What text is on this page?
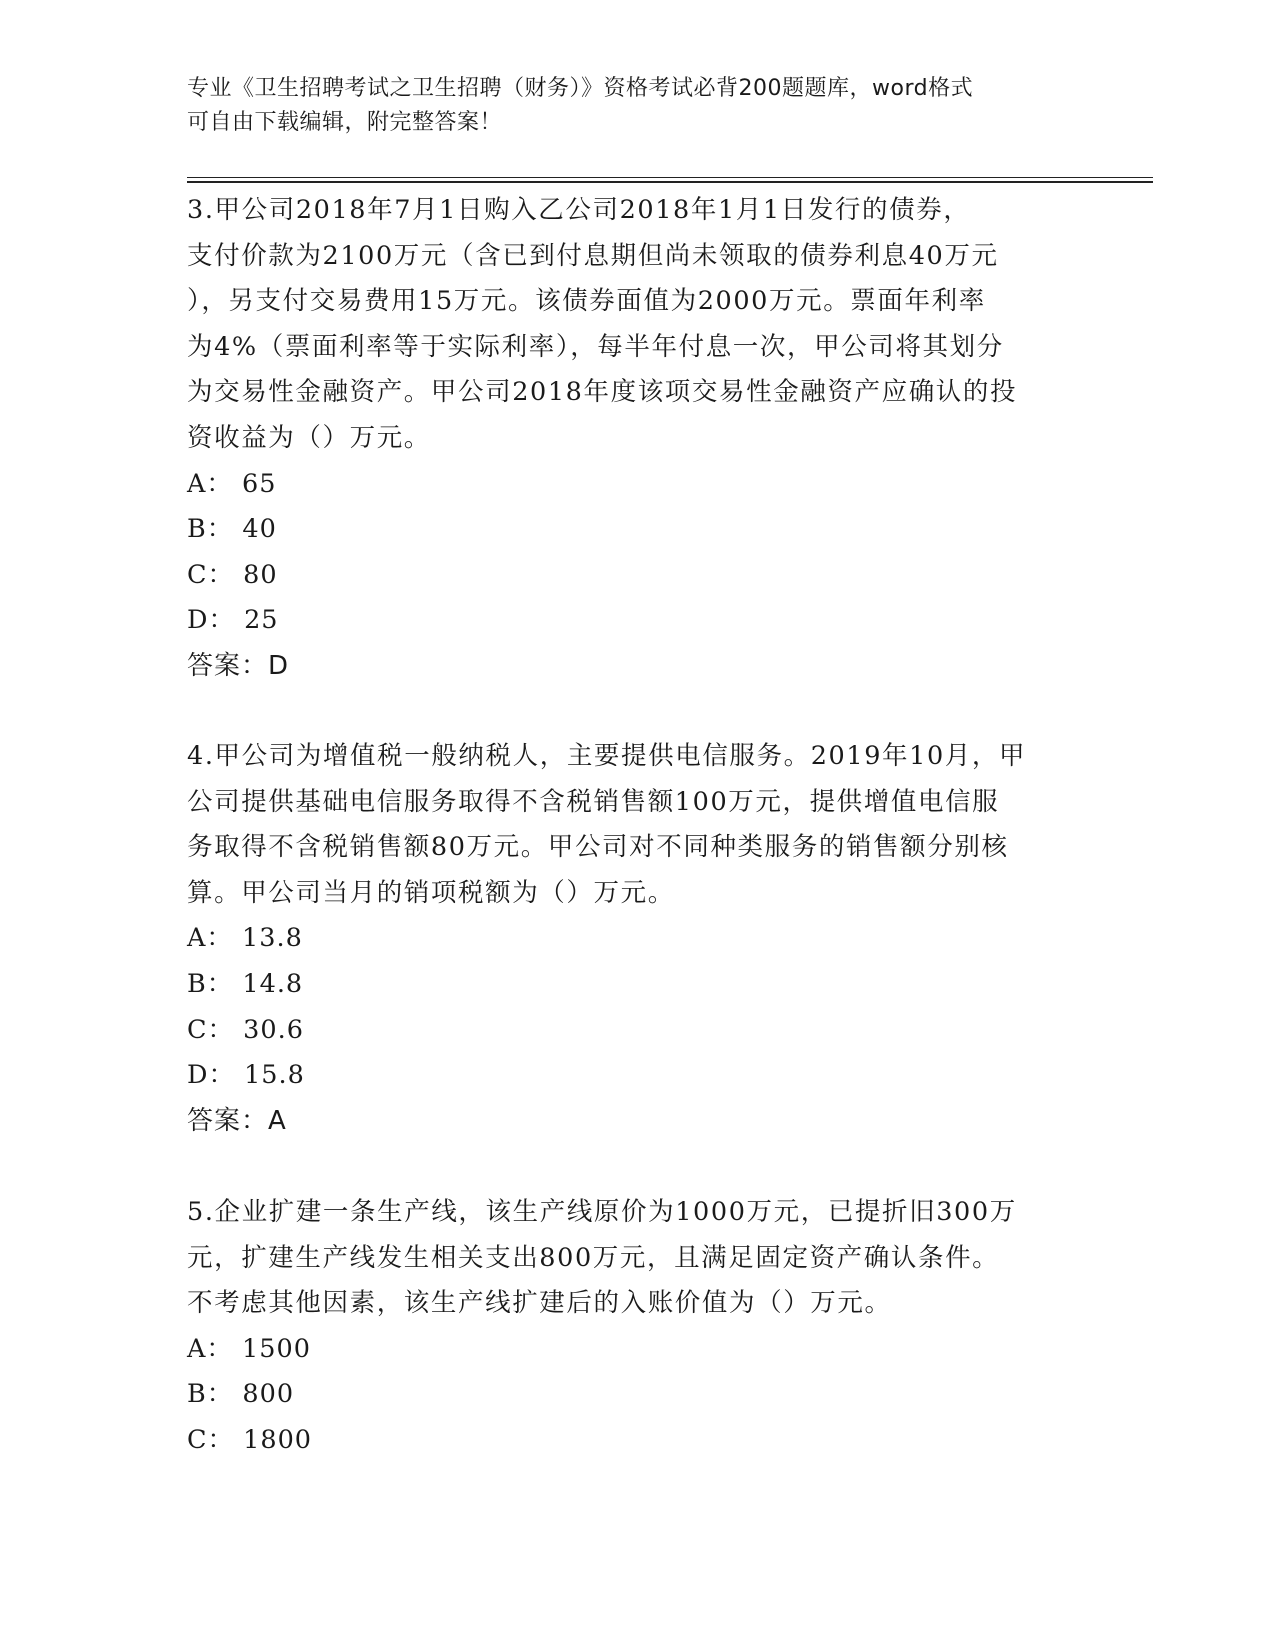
专业《卫生招聘考试之卫生招聘（财务）》资格考试必背200题题库，word格式
可自由下载编辑，附完整答案！

3.甲公司2018年7月1日购入乙公司2018年1月1日发行的债券，
支付价款为2100万元（含已到付息期但尚未领取的债券利息40万元
），另支付交易费用15万元。该债券面值为2000万元。票面年利率
为4%（票面利率等于实际利率），每半年付息一次，甲公司将其划分
为交易性金融资产。甲公司2018年度该项交易性金融资产应确认的投
资收益为（）万元。

A ： 65

B ： 40

C ： 80

D ： 25

答案：D

4.甲公司为增值税一般纳税人，主要提供电信服务。2019年10月，甲
公司提供基础电信服务取得不含税销售额100万元，提供增值电信服
务取得不含税销售额80万元。甲公司对不同种类服务的销售额分别核
算。甲公司当月的销项税额为（）万元。

A ： 13.8

B ： 14.8

C ： 30.6

D ： 15.8

答案：A

5.企业扩建一条生产线，该生产线原价为1000万元，已提折旧300万
元，扩建生产线发生相关支出800万元，且满足固定资产确认条件。
不考虑其他因素，该生产线扩建后的入账价值为（）万元。

A ： 1500

B ： 800

C ： 1800
